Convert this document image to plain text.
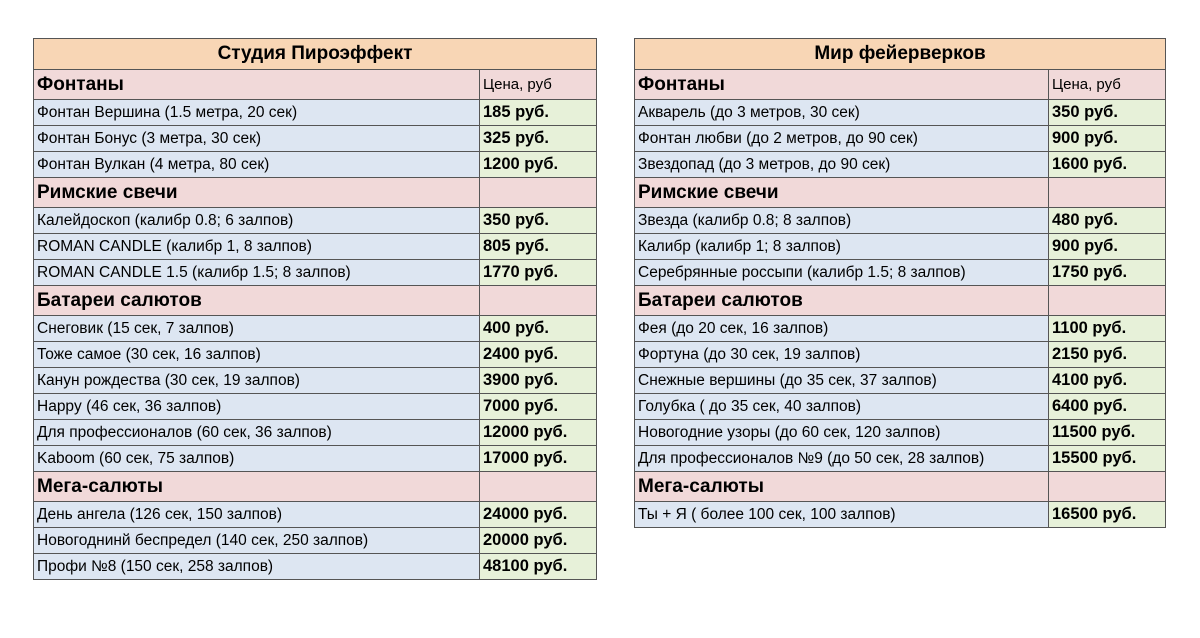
Студия Пироэффект	
Фонтаны	Цена, руб
Фонтан Вершина (1.5 метра, 20 сек)	185 руб.
Фонтан Бонус (3 метра, 30 сек)	325 руб.
Фонтан Вулкан (4 метра, 80 сек)	1200 руб.
Римские свечи	
Калейдоскоп (калибр 0.8; 6 залпов)	350 руб.
ROMAN CANDLE (калибр 1, 8 залпов)	805 руб.
ROMAN CANDLE 1.5 (калибр 1.5; 8 залпов)	1770 руб.
Батареи салютов	
Снеговик (15 сек, 7 залпов)	400 руб.
Тоже самое (30 сек, 16 залпов)	2400 руб.
Канун рождества (30 сек, 19 залпов)	3900 руб.
Happy (46 сек, 36 залпов)	7000 руб.
Для профессионалов (60 сек, 36 залпов)	12000 руб.
Kaboom (60 сек, 75 залпов)	17000 руб.
Мега-салюты	
День ангела (126 сек, 150 залпов)	24000 руб.
Новогоднинй беспредел (140 сек, 250 залпов)	20000 руб.
Профи №8 (150 сек, 258 залпов)	48100 руб.
Мир фейерверков	
Фонтаны	Цена, руб
Акварель (до 3 метров, 30 сек)	350 руб.
Фонтан любви (до 2 метров, до 90 сек)	900 руб.
Звездопад (до 3 метров, до 90 сек)	1600 руб.
Римские свечи	
Звезда (калибр 0.8; 8 залпов)	480 руб.
Калибр (калибр 1; 8 залпов)	900 руб.
Серебрянные россыпи (калибр 1.5; 8 залпов)	1750 руб.
Батареи салютов	
Фея (до 20 сек, 16 залпов)	1100 руб.
Фортуна (до 30 сек, 19 залпов)	2150 руб.
Снежные вершины (до 35 сек, 37 залпов)	4100 руб.
Голубка ( до 35 сек, 40 залпов)	6400 руб.
Новогодние узоры (до 60 сек, 120 залпов)	11500 руб.
Для профессионалов №9 (до 50 сек, 28 залпов)	15500 руб.
Мега-салюты	
Ты + Я ( более 100 сек, 100 залпов)	16500 руб.
